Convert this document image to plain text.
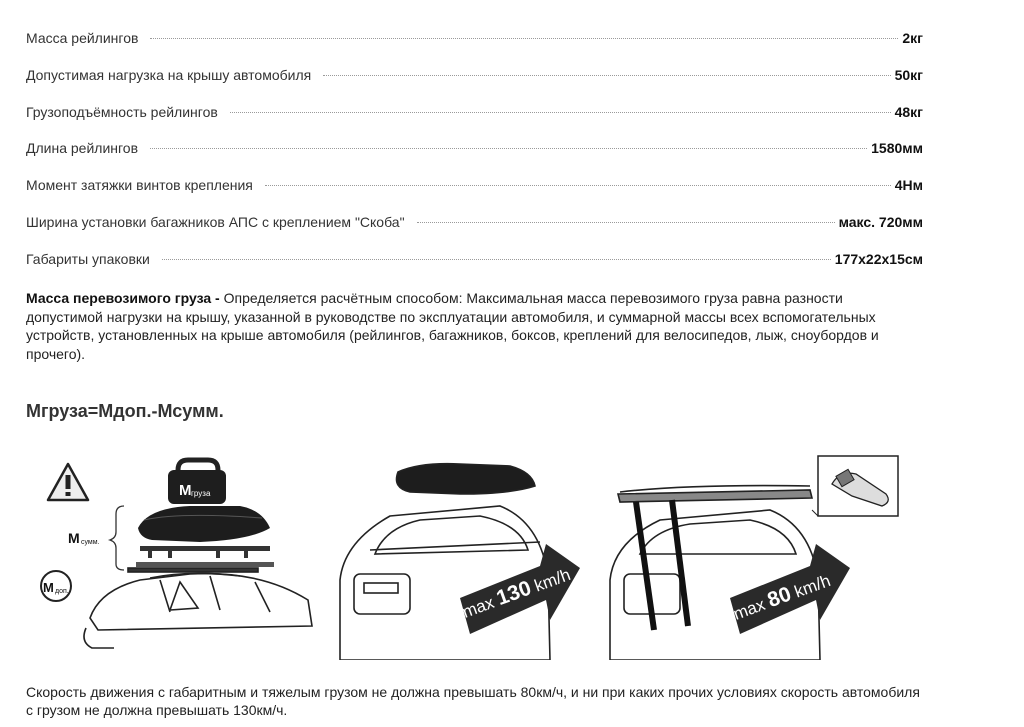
Масса рейлингов	2кг
Допустимая нагрузка на крышу автомобиля	50кг
Грузоподъёмность рейлингов	48кг
Длина рейлингов	1580мм
Момент затяжки винтов крепления	4Нм
Ширина установки багажников АПС с креплением "Скоба"	макс. 720мм
Габариты упаковки	177x22x15см

Масса перевозимого груза - Определяется расчётным способом: Максимальная масса перевозимого груза равна разности допустимой нагрузки на крышу, указанной в руководстве по эксплуатации автомобиля, и суммарной массы всех вспомогательных устройств, установленных на крыше автомобиля (рейлингов, багажников, боксов, креплений для велосипедов, лыж, сноубордов и прочего).

Мгруза=Мдоп.-Мсумм.
M груза
M сумм.
M доп.	max 130 km/h
max 80 km/h

Скорость движения с габаритным и тяжелым грузом не должна превышать 80км/ч, и ни при каких прочих условиях скорость автомобиля с грузом не должна превышать 130км/ч.
